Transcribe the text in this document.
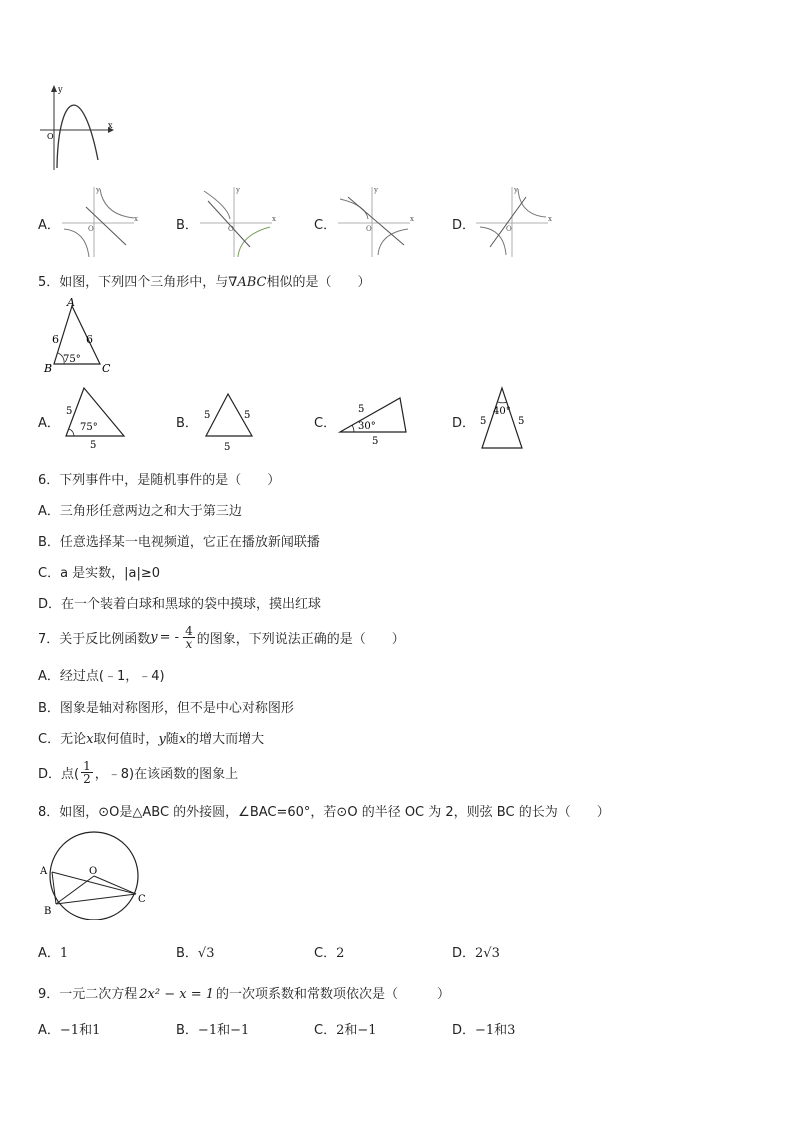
x
y
O
A．	x
y
O	B．	x
y
O	C．	x
y
O	D．	x
y
O
5．如图，下列四个三角形中，与∇ABC相似的是（　　）
A
B	C
6 6
75°
A．
5
5
75°	B．
5	5
5
C．
5
30°
5
D．
40°
5	5
6．下列事件中，是随机事件的是（　　）
A．三角形任意两边之和大于第三边
B．任意选择某一电视频道，它正在播放新闻联播
C．a 是实数，|a|≥0
D．在一个装着白球和黑球的袋中摸球，摸出红球
7．关于反比例函数 y = - $\frac{4}{x}$ 的图象，下列说法正确的是（　　）
A．经过点(﹣1，﹣4)
B．图象是轴对称图形，但不是中心对称图形
C．无论x取何值时，y随x的增大而增大
D．点( $\frac{1}{2}$ ，﹣8)在该函数的图象上
8．如图，⊙O是△ABC 的外接圆，∠BAC=60°，若⊙O 的半径 OC 为 2，则弦 BC 的长为（　　）
A
B
C
O
A．1	B．√3	C．2	D．2√3
9．一元二次方程 2x² − x = 1 的一次项系数和常数项依次是（　　　）
A．−1和1	B．−1和−1	C．2和−1	D．−1和3
